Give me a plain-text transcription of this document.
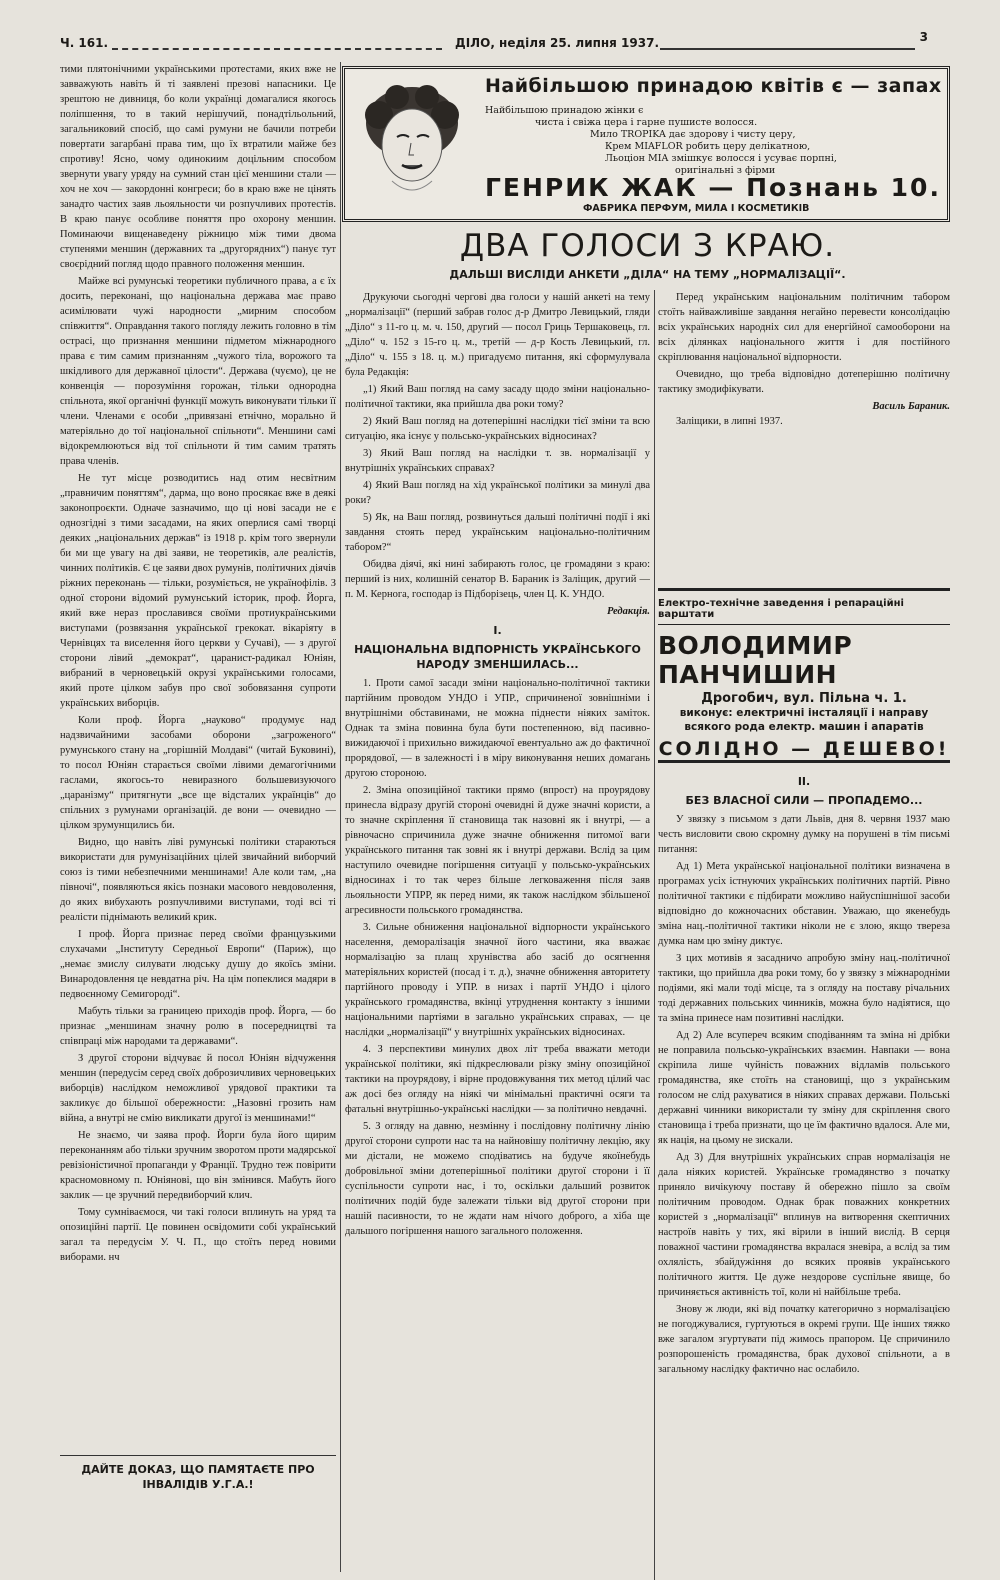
Ч. 161.	ДІЛО, неділя 25. липня 1937.	3

тими плятонічними українськими протестами, яких вже не завважують навіть й ті заявлені презові напасники. Це зрештою не дивниця, бо коли українці домагалися якогось поліпшення, то в такий нерішучий, понадтільольний, загальниковий спосіб, що самі румуни не бачили потреби повертати загарбані права тим, що їх втратили майже без спротиву! Ясно, чому одинокиим доцільним способом звернути увагу уряду на сумний стан цієї меншини стали — хоч не хоч — закордонні конгреси; бо в краю вже не цінять занадто частих заяв льояльности чи розпучливих протестів. В краю панує особливе поняття про охорону меншин. Поминаючи вищенаведену ріжницю між тими двома ступенями меншин (державних та „другорядних“) панує тут своєрідний погляд щодо правного положення меншин.

Майже всі румунські теоретики публичного права, а є їх досить, переконані, що національна держава має право асимілювати чужі народности „мирним способом співжиття“. Оправдання такого погляду лежить головно в тім острасі, що признання меншини підметом міжнародного права є тим самим признанням „чужого тіла, ворожого та шкідливого для державної цілости“. Держава (чуємо), це не конвенція — порозуміння горожан, тільки однородна спільнота, якої органічні функції можуть виконувати тільки її члени. Членами є особи „привязані етнічно, морально й матеріяльно до тої національної спільноти“. Меншини самі відокремлюються від тої спільноти й тим самим тратять права членів.

Не тут місце розводитись над отим несвітним „правничим поняттям“, дарма, що воно просякає вже в деякі законопроєкти. Одначе зазначимо, що ці нові засади не є однозгідні з тими засадами, на яких оперлися самі творці деяких „національних держав“ із 1918 р. крім того звернули би ми ще увагу на дві заяви, не теоретиків, але реалістів, чинних політиків. Є це заяви двох румунів, політичних діячів ріжних переконань — тільки, розуміється, не українофілів. З одної сторони відомий румунський історик, проф. Йорга, який вже нераз прославився своїми протиукраїнськими виступами (розвязання української грекокат. вікарiяту в Чернівцях та виселення його церкви у Сучаві), — з другої сторони лівий „демократ“, царанист-радикал Юніян, вибраний в черновецькій окрузі українськими голосами, який проте цілком забув про свої зобовязання супроти українських виборців.

Коли проф. Йорга „науково“ продумує над надзвичайними засобами оборони „загроженого“ румунського стану на „горішній Молдаві“ (читай Буковині), то посол Юніян старається своїми лівими демагогічними гаслами, якогось-то невиразного большевизуючого „царанізму“ притягнути „все ще відсталих українців“ до спільних з румунами організацій. де вони — очевидно — цілком зрумунщились би.

Видно, що навіть лівi румунські політики стараються використати для румунізаційних цілей звичайний виборчий союз із тими небезпечними меншинами! Але коли там, „на півночі“, появляються якісь познаки масового невдоволення, до яких вибухають розпучливими виступами, тоді всі ті реалісти піднімають великий крик.

І проф. Йорга признає перед своїми французькими слухачами „Інституту Середньої Европи“ (Париж), що „немає змислу силувати людську душу до якоїсь зміни. Винародовлення це невдатна річ. На цім попеклися мадяри в педвоєнному Семигороді“.

Мабуть тільки за границею приходів проф. Йорга, — бо признає „меншинам значну ролю в посередництві та співпраці між народами та державами“.

З другої сторони відчуває й посол Юніян відчуження меншин (передусім серед своїх доброзичливих черновецьких виборців) наслідком неможливої урядової практики та закликує до більшої обережности: „Назовні грозить нам війна, а внутрі не смію викликати другої із меншинами!“

Не знаємо, чи заява проф. Йорги була його щирим переконанням або тільки зручним зворотом проти мадярської ревізіоністичної пропаганди у Франції. Трудно теж повірити красномовному п. Юніяновi, що він змінився. Мабуть його заклик — це зручний передвиборчий клич.

Тому сумніваємося, чи такі голоси вплинуть на уряд та опозиційні партії. Це повинен освідомити собі український загал та передусім У. Ч. П., що стоїть перед новими виборами. нч

ДАЙТЕ ДОКАЗ, ЩО ПАМЯТАЄТЕ ПРО ІНВАЛІДІВ У.Г.А.!
Найбільшою принадою квітів є — запах
Найбільшою принадою жінки є
чиста і свіжа цера і гарне пушисте волосся.
Мило TROPIKA дає здорову і чисту церу,
Крем MIAFLOR робить церу делікатною,
Льоціон MIA змішкує волосся і усуває порпні,
оригінальні з фірми
ГЕНРИК ЖАК — Познань 10.
ФАБРИКА ПЕРФУМ, МИЛА І КОСМЕТИКІВ
ДВА ГОЛОСИ З КРАЮ.
ДАЛЬШІ ВИСЛІДИ АНКЕТИ „ДІЛА“ НА ТЕМУ „НОРМАЛІЗАЦІЇ“.

Друкуючи сьогодні чергові два голоси у нашій анкеті на тему „нормалізації“ (перший забрав голос д-р Дмитро Левицький, гляди „Діло“ з 11-го ц. м. ч. 150, другий — посол Гриць Тершаковець, гл. „Діло“ ч. 152 з 15-го ц. м., третій — д-р Кость Левицький, гл. „Діло“ ч. 155 з 18. ц. м.) пригадуємо питання, які сформулувала була Редакція:

„1) Який Ваш погляд на саму засаду щодо зміни національно-політичної тактики, яка прийшла два роки тому?

2) Який Ваш погляд на дотеперішні наслідки тієї зміни та всю ситуацію, яка існує у польсько-українських відносинах?

3) Який Ваш погляд на наслідки т. зв. нормалізації у внутрішніх українських справах?

4) Який Ваш погляд на хід української політики за минулі два роки?

5) Як, на Ваш погляд, розвинуться дальші політичні події і які завдання стоять перед українським національно-політичним табором?“

Обидва діячі, які нині забирають голос, це громадяни з краю: перший із них, колишній сенатор В. Бараник із Заліщик, другий — п. М. Кернога, господар із Підборізець, член Ц. К. УНДО.

Редакція.
I.
НАЦІОНАЛЬНА ВІДПОРНІСТЬ УКРАЇНСЬКОГО НАРОДУ ЗМЕНШИЛАСЬ...

1. Проти самої засади зміни національно-політичної тактики партійним проводом УНДО і УПР., спричиненої зовнішніми і внутрішніми обставинами, не можна піднести ніяких заміток. Однак та зміна повинна була бути постепенною, від пасивно-вижидаючої і прихильно вижидаючої евентуально аж до фактичної прорядової, — в залежності і в міру виконування неших домагань другою стороною.

2. Зміна опозиційної тактики прямо (впрост) на проурядову принесла відразу другій стороні очевидні й дуже значні користи, а то значне скріплення її становища так назовні як і внутрі, — а рівночасно спричинила дуже значне обниження питомої ваги українського питання так зовні як і внутрі держави. Вслід за цим наступило очевидне погіршення ситуації у польсько-українських відносинах і то так через більше легковаження після заяв льояльности УПРР, як перед ними, як також наслідком збільшеної агресивности польського громадянства.

3. Сильне обниження національної відпорности українського населення, деморалізація значної його частини, яка вважає нормалізацію за плащ хрунівства або засіб до осягнення матеріяльних користей (посад і т. д.), значне обниження авторитету партійного проводу і УПР. в низах і партії УНДО і цілого українського громадянства, вкінці утруднення контакту з іншими національними партіями в загально українських справах, — це наслідки „нормалізації“ у внутрішніх українських відносинах.

4. З перспективи минулих двох літ треба вважати методи української політики, які підкреслювали різку зміну опозиційної тактики на проурядову, і вірне продовжування тих метод цілий час аж досі без огляду на ніякі чи мінімальні практичні осяги та фатальні внутрішньо-українські наслідки — за політично невдачні.

5. З огляду на давню, незмінну і послідовну політичну лінію другої сторони супроти нас та на найновішу політичну лекцію, яку ми дістали, не можемо сподіватись на будуче якоїнебудь добровільної зміни дотеперішньої політики другої сторони і її суспільности супроти нас, і то, оскільки дальший розвиток політичних подій буде залежати тільки від другої сторони при нашій пасивности, то не ждати нам нічого доброго, а хіба ще дальшого погіршення нашого загального положення.

Перед українським національним політичним табором стоїть найважливіше завдання негайно перевести консолідацію всіх українських народніх сил для енергійної самооборони на всіх ділянках національного життя і для постійного скріплювання національної відпорности.

Очевидно, що треба відповідно дотеперішню політичну тактику змодифікувати.

Василь Бараник.

Заліщики, в липні 1937.

Електро-технічне заведення і репараційні варштати
ВОЛОДИМИР ПАНЧИШИН
Дрогобич, вул. Пільна ч. 1.
виконує: електричні інсталяції і направу всякого рода електр. машин і апаратів
СОЛІДНО — ДЕШЕВО!
II.
БЕЗ ВЛАСНОЇ СИЛИ — ПРОПАДЕМО...

У звязку з письмом з дати Львів, дня 8. червня 1937 маю честь висловити свою скромну думку на порушені в тім письмі питання:

Ад 1) Мета української національної політики визначена в програмах усіх істнуючих українських політичних партій. Рівно політичної тактики є підбирати можливо найуспішнішої засоби відповідно до кожночасних обставин. Уважаю, що якенебудь зміна нац.-політичної тактики ніколи не є злою, якщо тверезa думка нам цю зміну диктує.

З цих мотивів я засадничо апробую зміну нац.-політичної тактики, що прийшла два роки тому, бо у звязку з міжнародніми подіями, які мали тоді місце, та з огляду на поставу річальних тоді державних польських чинників, можна було надіятися, що та зміна принесе нам позитивні наслідки.

Ад 2) Але всупереч всяким сподіванням та зміна ні дрібки не поправила польсько-українських взаємин. Навпаки — вона скріпила лише чуйність поважних відламів польського громадянства, яке стоїть на становищі, що з українським голосом не слід рахуватися в ніяких справах держави. Польські державні чинники використали ту зміну для скріплення свого становища і треба признати, що це їм фактично вдалося. Але ми, як нація, на цьому не зискали.

Ад 3) Для внутрішніх українських справ нормалізація не дала ніяких користей. Українське громадянство з початку приняло вичікуючу поставу й обережно пішло за своїм політичним проводом. Однак брак поважних конкретних користей з „нормалізації“ вплинув на витворення скептичних настроїв навіть у тих, які вірили в інший вислід. В серця поважної частини громадянства вкралася зневіра, а вслід за тим охлялість, збайдужіння до всяких проявів українського політичного життя. Це дуже нездорове суспільне явище, бо причиняється активність тої, коли ні найбільше треба.

Знову ж люди, які від початку категорично з нормалізацією не погоджувалися, гуртуються в окремі групи. Ще інших тяжко вже загалом згуртувати під жимось прапором. Це спричинило розпорошеність громадянства, брак духової спільноти, а в загальному наслідку фактично нас ослабило.
